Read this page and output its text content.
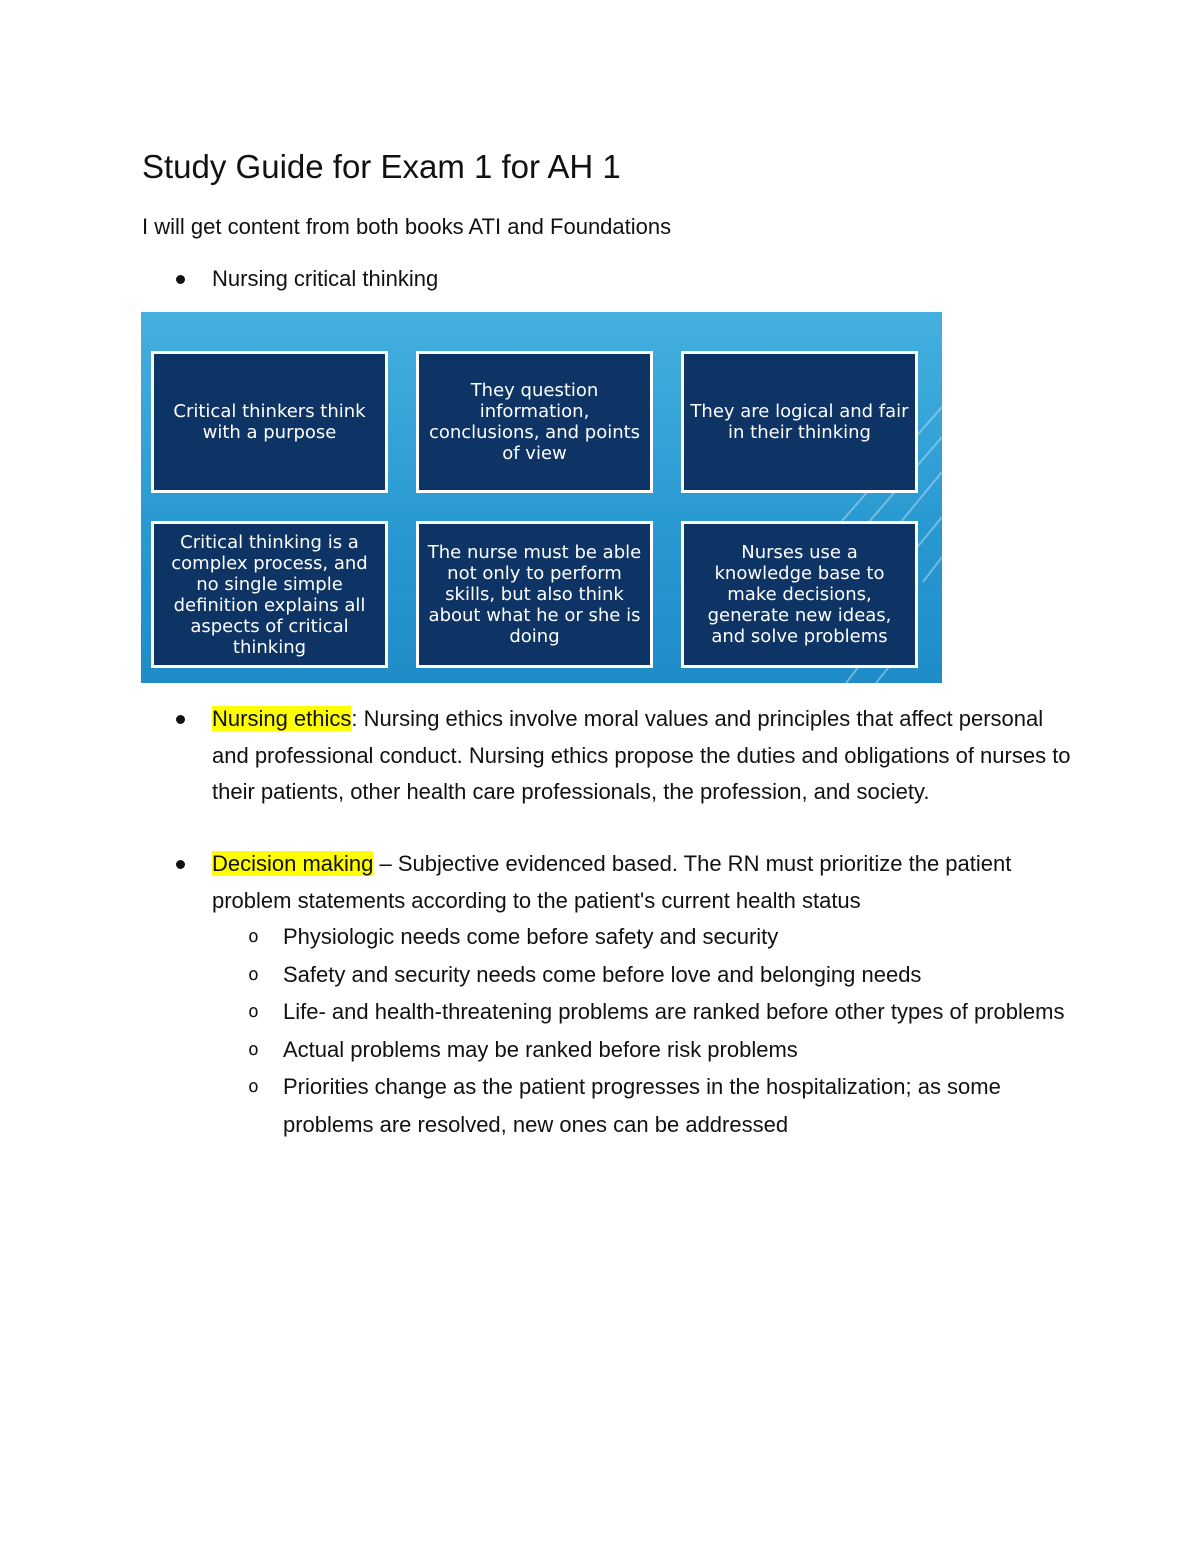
Study Guide for Exam 1 for AH 1

I will get content from both books ATI and Foundations

Nursing critical thinking
Critical thinkers think with a purpose
They question information, conclusions, and points of view
They are logical and fair in their thinking
Critical thinking is a complex process, and no single simple definition explains all aspects of critical thinking
The nurse must be able not only to perform skills, but also think about what he or she is doing
Nurses use a knowledge base to make decisions, generate new ideas, and solve problems
Nursing ethics: Nursing ethics involve moral values and principles that affect personal and professional conduct. Nursing ethics propose the duties and obligations of nurses to their patients, other health care professionals, the profession, and society.
Decision making – Subjective evidenced based. The RN must prioritize the patient problem statements according to the patient's current health status
o Physiologic needs come before safety and security
o Safety and security needs come before love and belonging needs
o Life- and health-threatening problems are ranked before other types of problems
o Actual problems may be ranked before risk problems
o Priorities change as the patient progresses in the hospitalization; as some problems are resolved, new ones can be addressed
